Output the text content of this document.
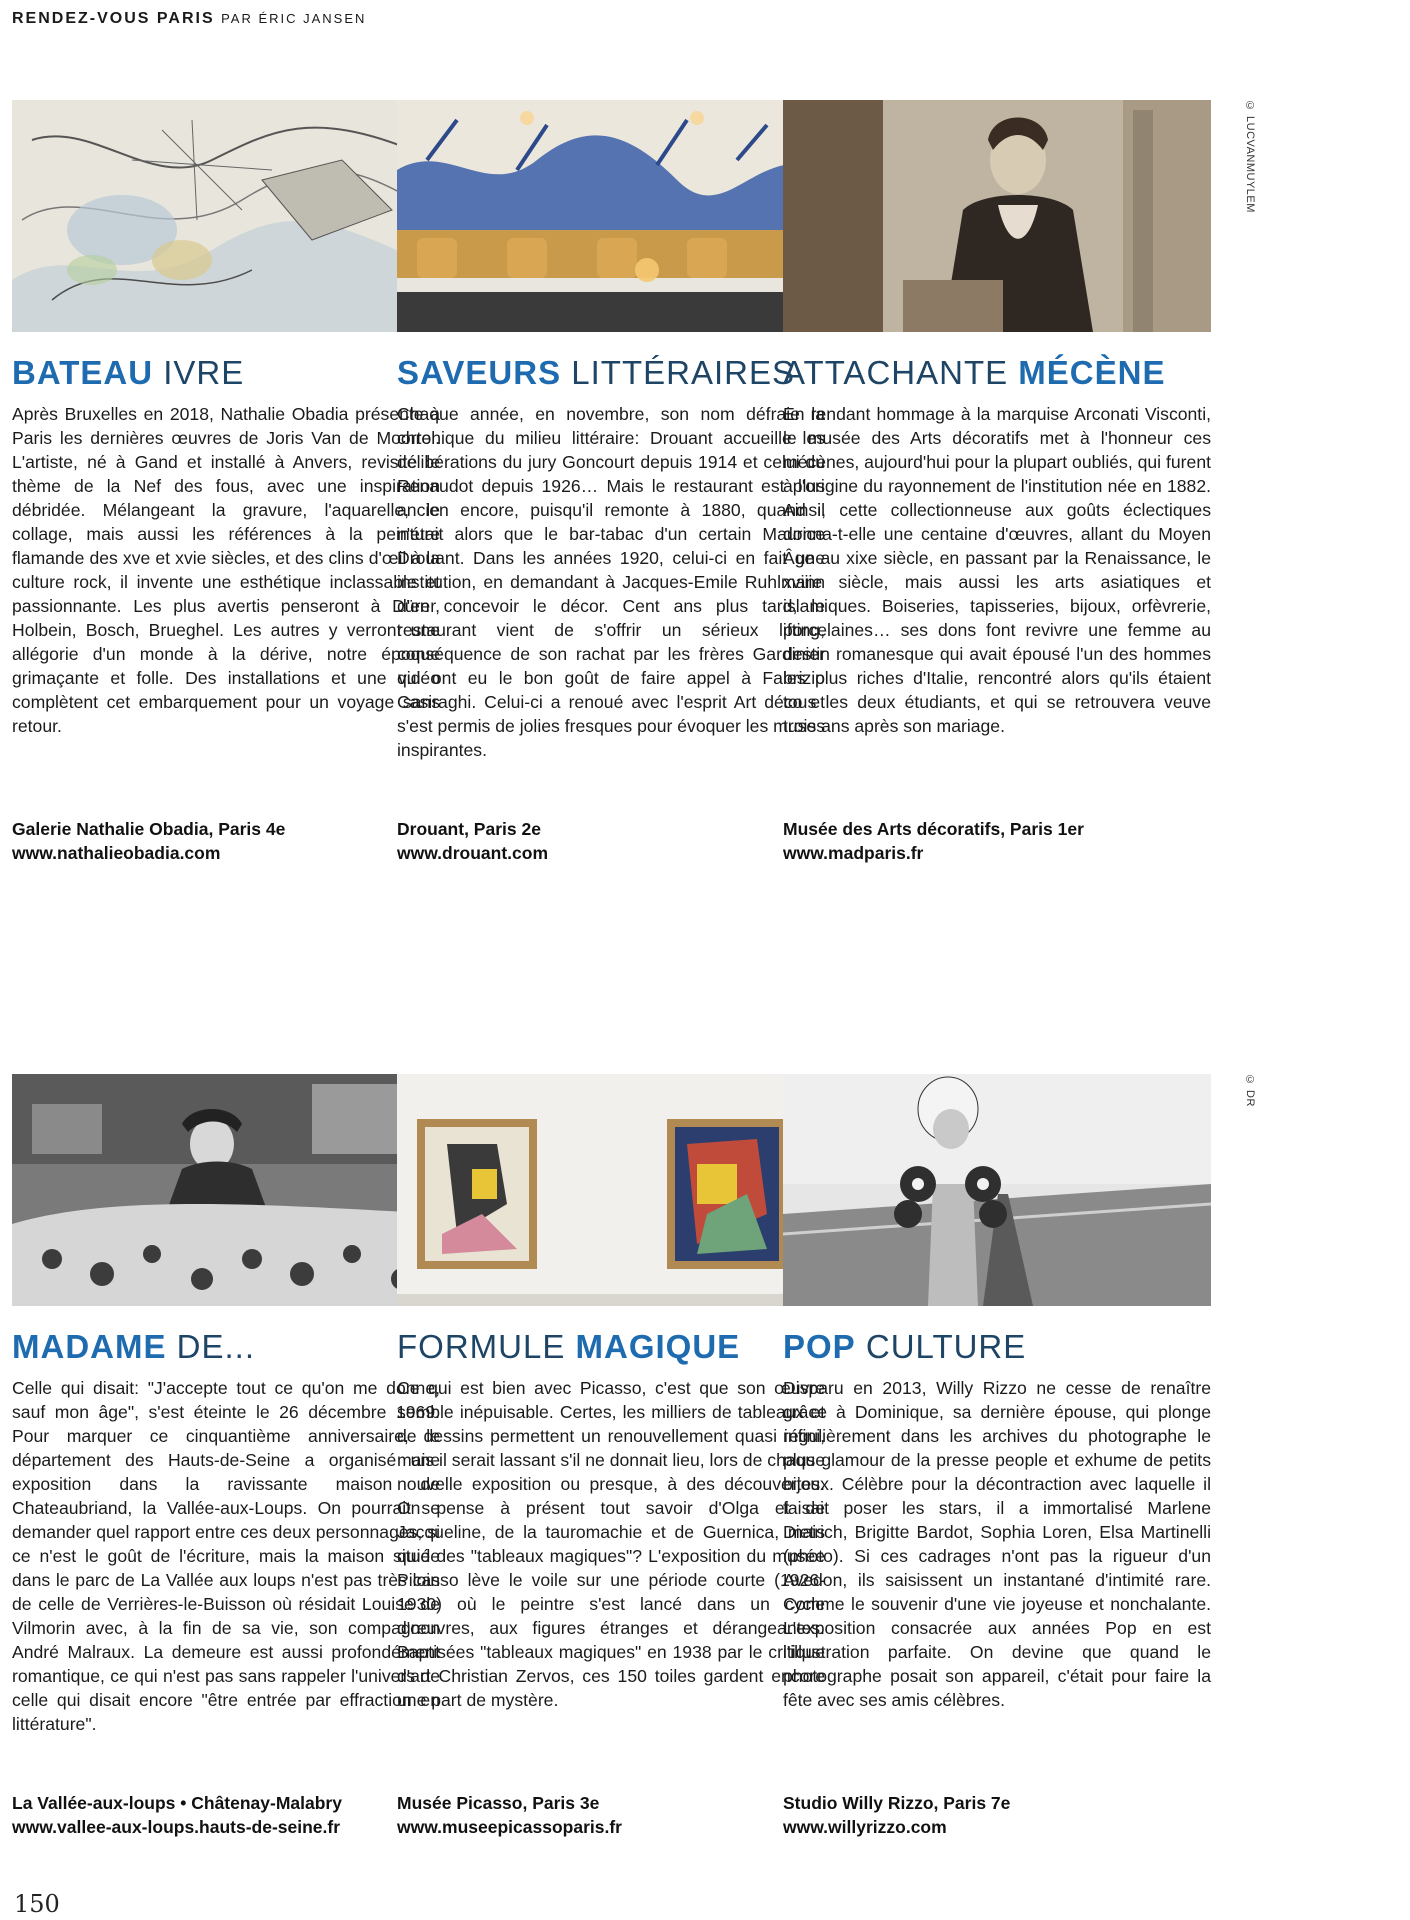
RENDEZ-VOUS PARIS PAR ÉRIC JANSEN
BATEAU IVRE

Après Bruxelles en 2018, Nathalie Obadia présente à Paris les dernières œuvres de Joris Van de Moortel. L'artiste, né à Gand et installé à Anvers, revisite le thème de la Nef des fous, avec une inspiration débridée. Mélangeant la gravure, l'aquarelle, le collage, mais aussi les références à la peinture flamande des xve et xvie siècles, et des clins d'œil à la culture rock, il invente une esthétique inclassable et passionnante. Les plus avertis penseront à Dürer, Holbein, Bosch, Brueghel. Les autres y verront une allégorie d'un monde à la dérive, notre époque grimaçante et folle. Des installations et une vidéo complètent cet embarquement pour un voyage sans retour.

Galerie Nathalie Obadia, Paris 4e
www.nathalieobadia.com
SAVEURS LITTÉRAIRES

Chaque année, en novembre, son nom défraie la chronique du milieu littéraire: Drouant accueille les délibérations du jury Goncourt depuis 1914 et celui du Renaudot depuis 1926… Mais le restaurant est plus ancien encore, puisqu'il remonte à 1880, quand il n'était alors que le bar-tabac d'un certain Maurice Drouant. Dans les années 1920, celui-ci en fait une institution, en demandant à Jacques-Emile Ruhlmann d'en concevoir le décor. Cent ans plus tard, le restaurant vient de s'offrir un sérieux lifting, conséquence de son rachat par les frères Gardinier qui ont eu le bon goût de faire appel à Fabrizio Casiraghi. Celui-ci a renoué avec l'esprit Art déco et s'est permis de jolies fresques pour évoquer les muses inspirantes.

Drouant, Paris 2e
www.drouant.com
© LUCVANMUYLEM
ATTACHANTE MÉCÈNE

En rendant hommage à la marquise Arconati Visconti, le musée des Arts décoratifs met à l'honneur ces mécènes, aujourd'hui pour la plupart oubliés, qui furent à l'origine du rayonnement de l'institution née en 1882. Ainsi, cette collectionneuse aux goûts éclectiques donna-t-elle une centaine d'œuvres, allant du Moyen Âge au xixe siècle, en passant par la Renaissance, le xviiie siècle, mais aussi les arts asiatiques et islamiques. Boiseries, tapisseries, bijoux, orfèvrerie, porcelaines… ses dons font revivre une femme au destin romanesque qui avait épousé l'un des hommes les plus riches d'Italie, rencontré alors qu'ils étaient tous les deux étudiants, et qui se retrouvera veuve trois ans après son mariage.

Musée des Arts décoratifs, Paris 1er
www.madparis.fr
MADAME DE...

Celle qui disait: "J'accepte tout ce qu'on me donne, sauf mon âge", s'est éteinte le 26 décembre 1969. Pour marquer ce cinquantième anniversaire, le département des Hauts-de-Seine a organisé une exposition dans la ravissante maison de Chateaubriand, la Vallée-aux-Loups. On pourrait se demander quel rapport entre ces deux personnages, si ce n'est le goût de l'écriture, mais la maison située dans le parc de La Vallée aux loups n'est pas très loin de celle de Verrières-le-Buisson où résidait Louise de Vilmorin avec, à la fin de sa vie, son compagnon André Malraux. La demeure est aussi profondément romantique, ce qui n'est pas sans rappeler l'univers de celle qui disait encore "être entrée par effraction en littérature".

La Vallée-aux-loups • Châtenay-Malabry
www.vallee-aux-loups.hauts-de-seine.fr
FORMULE MAGIQUE

Ce qui est bien avec Picasso, c'est que son œuvre semble inépuisable. Certes, les milliers de tableaux et de dessins permettent un renouvellement quasi infini, mais il serait lassant s'il ne donnait lieu, lors de chaque nouvelle exposition ou presque, à des découvertes. On pense à présent tout savoir d'Olga et de Jacqueline, de la tauromachie et de Guernica, mais quid des "tableaux magiques"? L'exposition du musée Picasso lève le voile sur une période courte (1926-1930) où le peintre s'est lancé dans un cycle d'œuvres, aux figures étranges et dérangeantes. Baptisées "tableaux magiques" en 1938 par le critique d'art Christian Zervos, ces 150 toiles gardent encore une part de mystère.

Musée Picasso, Paris 3e
www.museepicassoparis.fr
© DR
POP CULTURE

Disparu en 2013, Willy Rizzo ne cesse de renaître grâce à Dominique, sa dernière épouse, qui plonge régulièrement dans les archives du photographe le plus glamour de la presse people et exhume de petits bijoux. Célèbre pour la décontraction avec laquelle il faisait poser les stars, il a immortalisé Marlene Dietrich, Brigitte Bardot, Sophia Loren, Elsa Martinelli (photo). Si ces cadrages n'ont pas la rigueur d'un Avedon, ils saisissent un instantané d'intimité rare. Comme le souvenir d'une vie joyeuse et nonchalante. L'exposition consacrée aux années Pop en est l'illustration parfaite. On devine que quand le photographe posait son appareil, c'était pour faire la fête avec ses amis célèbres.

Studio Willy Rizzo, Paris 7e
www.willyrizzo.com
150
